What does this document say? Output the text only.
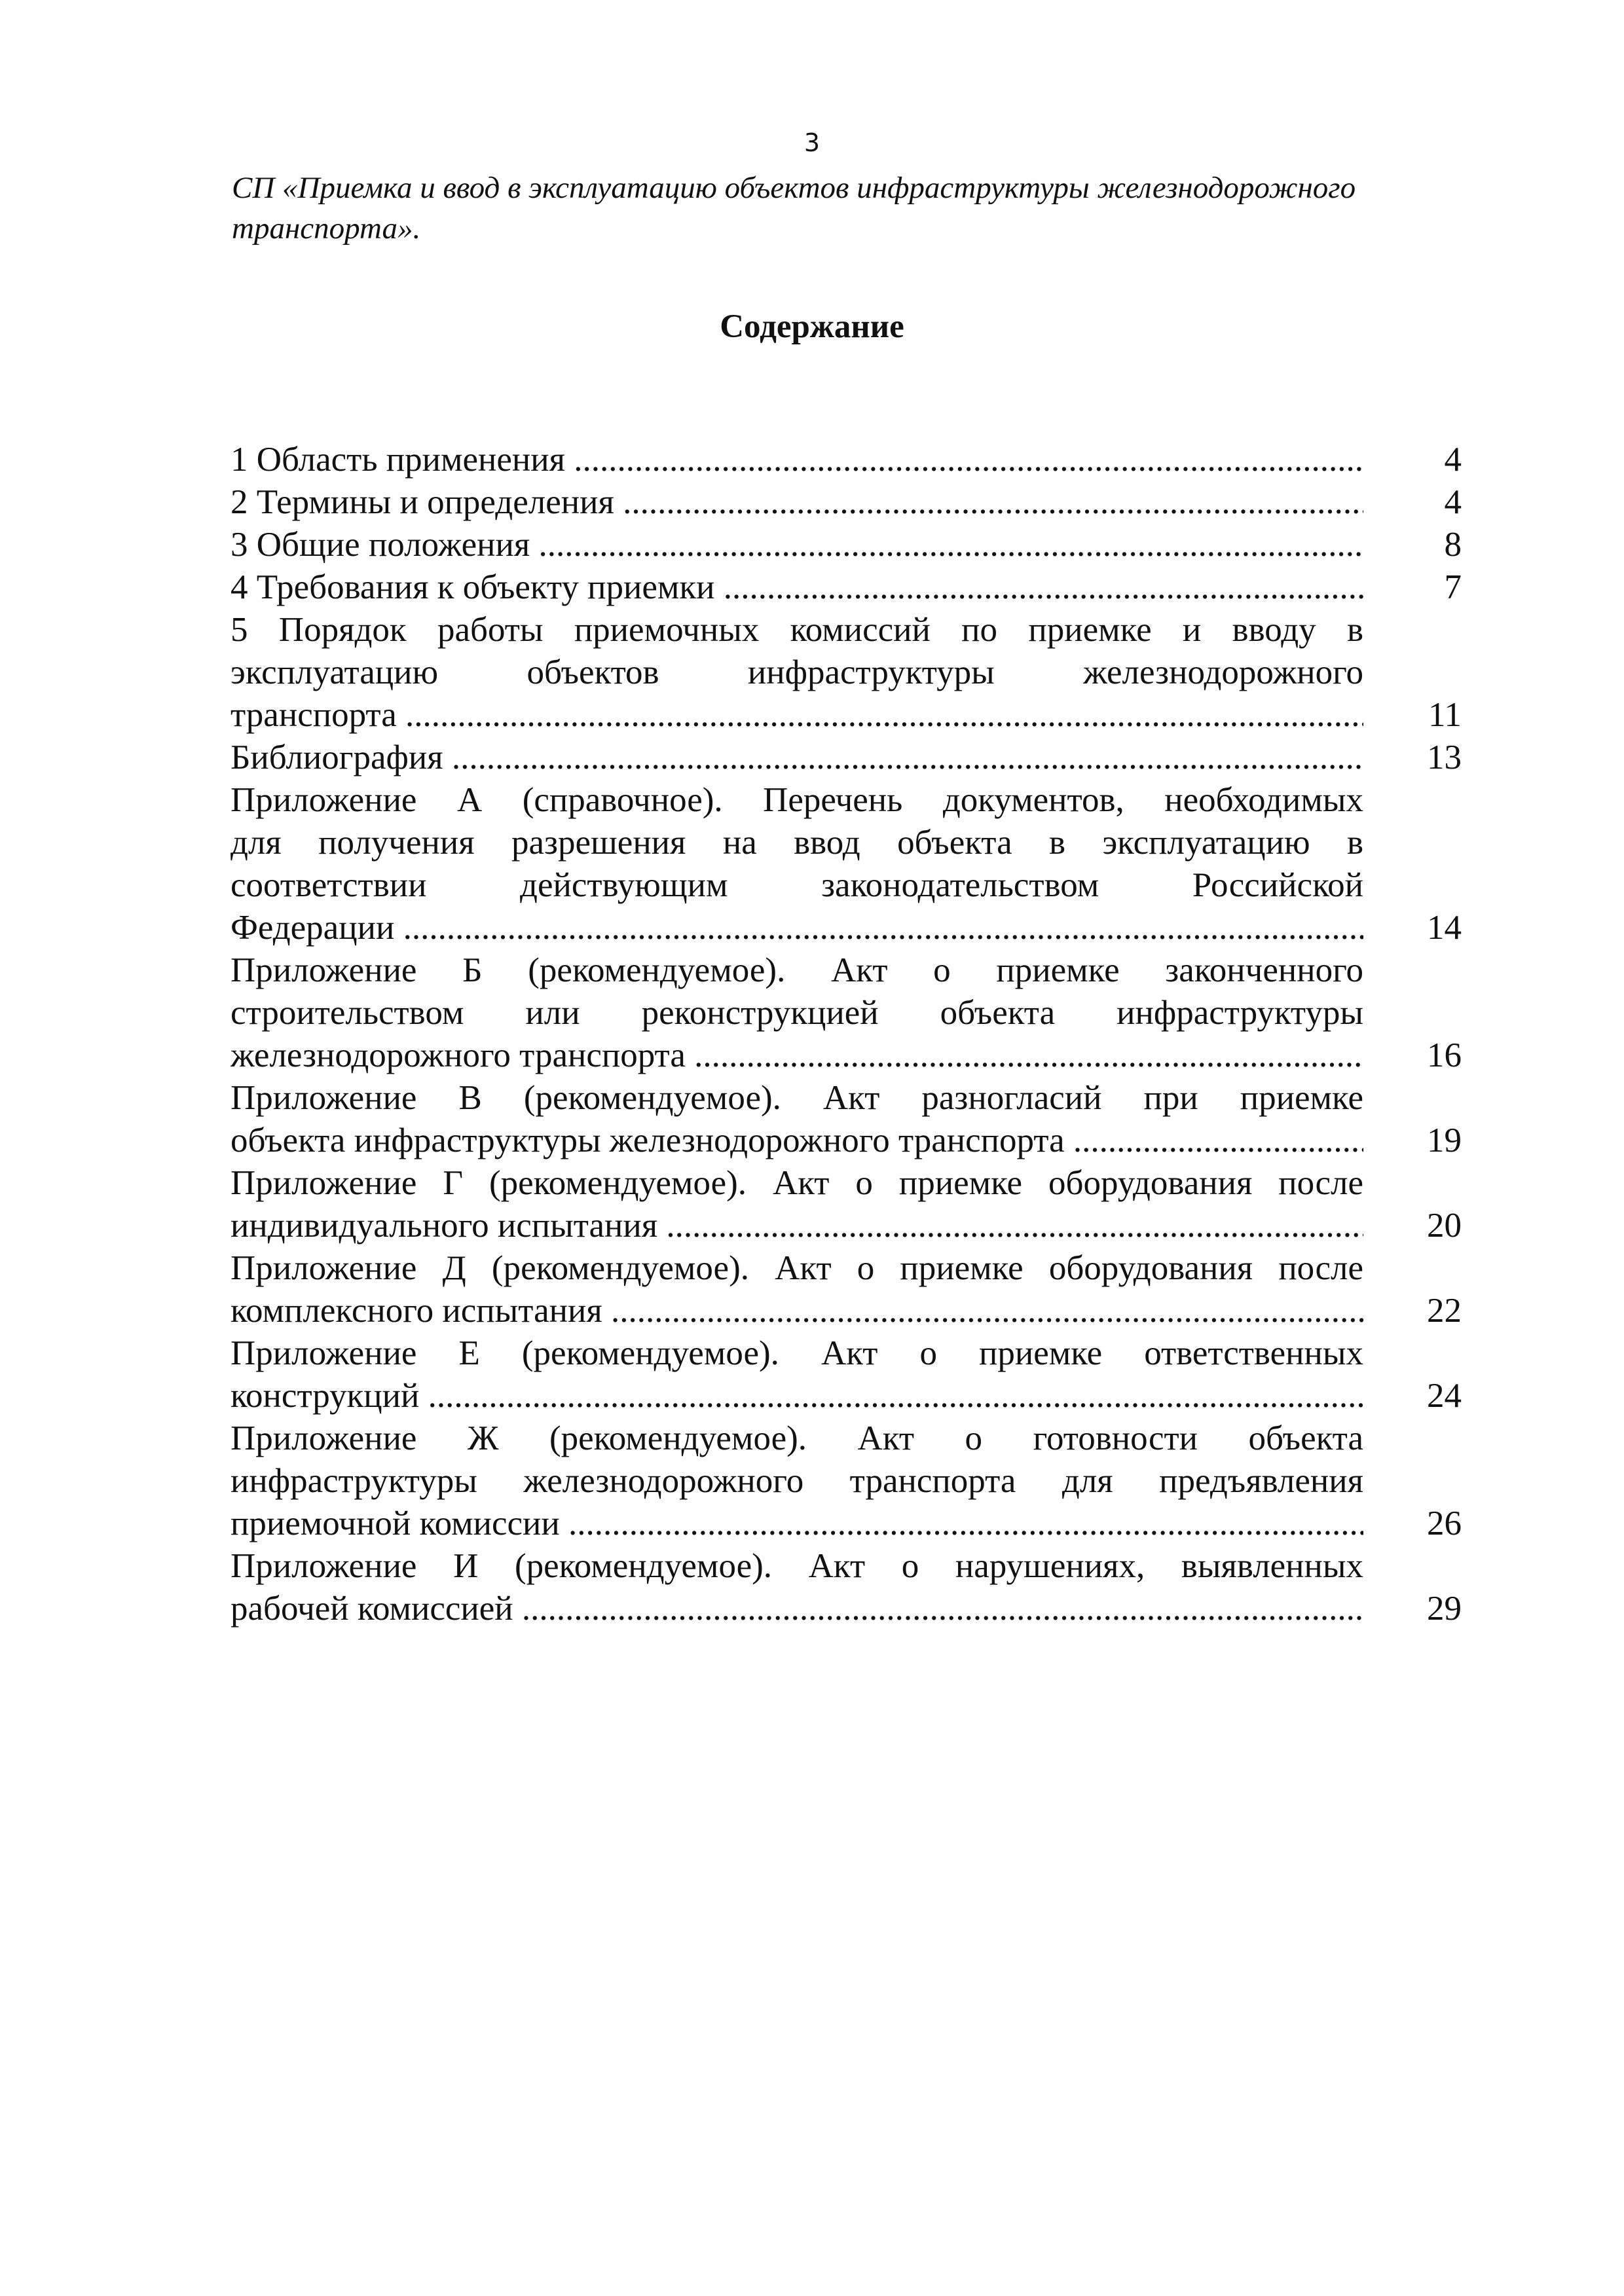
3
СП «Приемка и ввод в эксплуатацию объектов инфраструктуры железнодорожного транспорта».
Содержание
1 Область применения .....	4
2 Термины и определения .....	4
3 Общие положения .....	8
4 Требования к объекту приемки .....	7
5 Порядок работы приемочных комиссий по приемке и вводу в
эксплуатацию объектов инфраструктуры железнодорожного
транспорта .....	11
Библиография .....	13
Приложение А (справочное). Перечень документов, необходимых
для получения разрешения на ввод объекта в эксплуатацию в
соответствии действующим законодательством Российской
Федерации .....	14
Приложение Б (рекомендуемое). Акт о приемке законченного
строительством или реконструкцией объекта инфраструктуры
железнодорожного транспорта .....	16
Приложение В (рекомендуемое). Акт разногласий при приемке
объекта инфраструктуры железнодорожного транспорта .....	19
Приложение Г (рекомендуемое). Акт о приемке оборудования после
индивидуального испытания .....	20
Приложение Д (рекомендуемое). Акт о приемке оборудования после
комплексного испытания .....	22
Приложение Е (рекомендуемое). Акт о приемке ответственных
конструкций .....	24
Приложение Ж (рекомендуемое). Акт о готовности объекта
инфраструктуры железнодорожного транспорта для предъявления
приемочной комиссии .....	26
Приложение И (рекомендуемое). Акт о нарушениях, выявленных
рабочей комиссией .....	29
